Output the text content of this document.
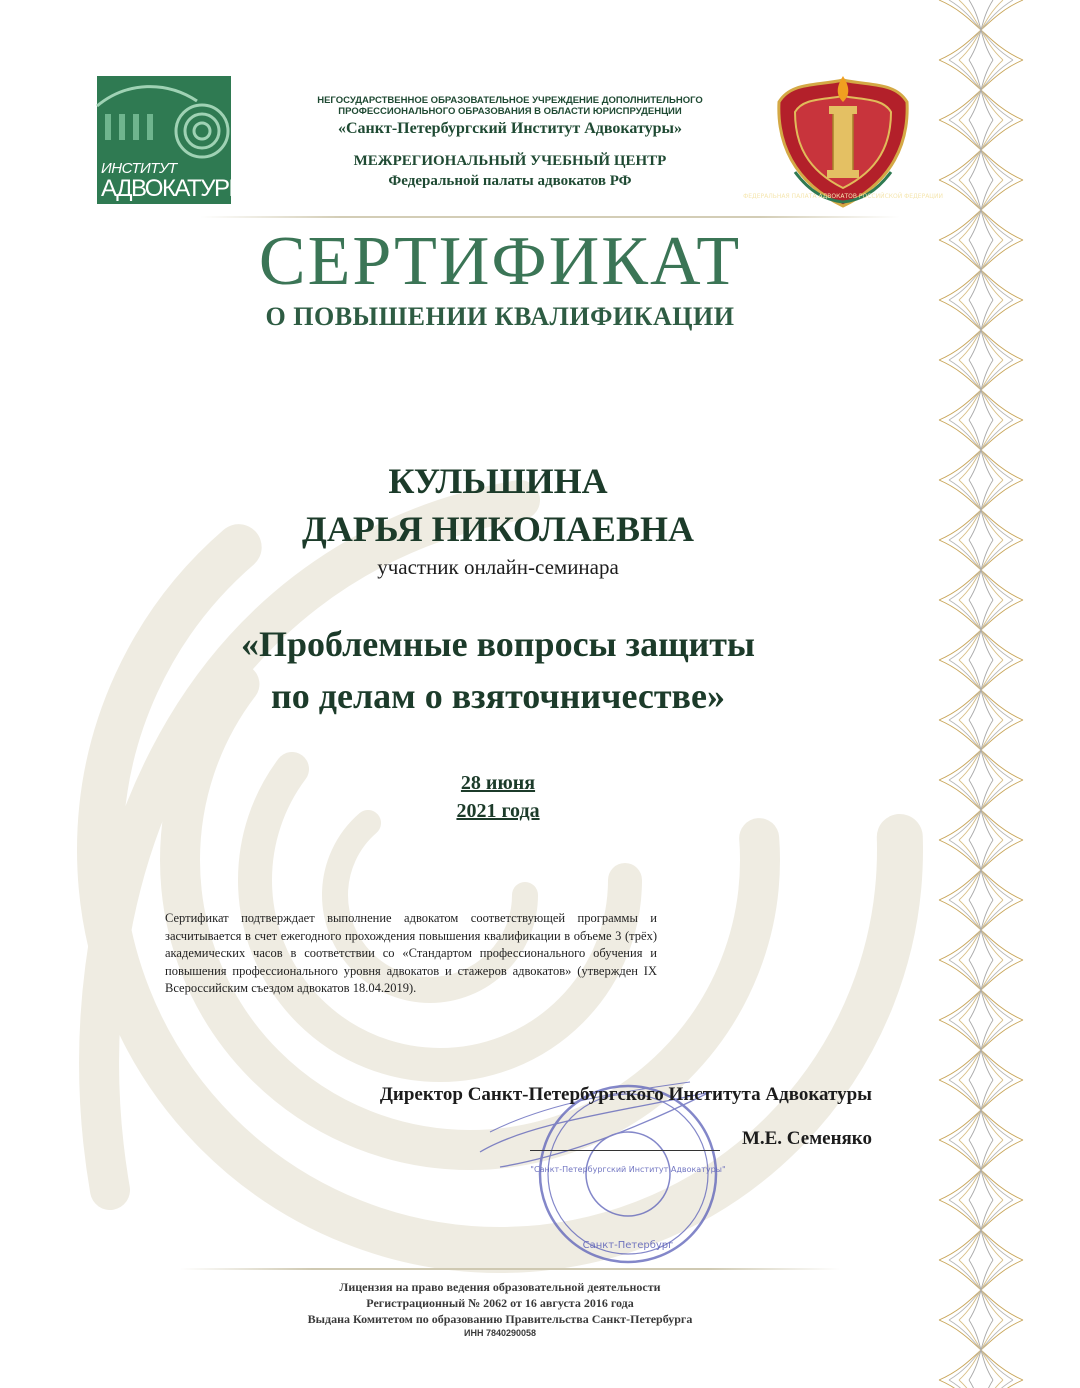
ИНСТИТУТ
АДВОКАТУРЫ
НЕГОСУДАРСТВЕННОЕ ОБРАЗОВАТЕЛЬНОЕ УЧРЕЖДЕНИЕ ДОПОЛНИТЕЛЬНОГО ПРОФЕССИОНАЛЬНОГО ОБРАЗОВАНИЯ В ОБЛАСТИ ЮРИСПРУДЕНЦИИ
«Санкт-Петербургский Институт Адвокатуры»
МЕЖРЕГИОНАЛЬНЫЙ УЧЕБНЫЙ ЦЕНТР
Федеральной палаты адвокатов РФ
ФЕДЕРАЛЬНАЯ ПАЛАТА АДВОКАТОВ РОССИЙСКОЙ ФЕДЕРАЦИИ
СЕРТИФИКАТ
О ПОВЫШЕНИИ КВАЛИФИКАЦИИ
КУЛЬШИНА
ДАРЬЯ НИКОЛАЕВНА
участник онлайн-семинара
«Проблемные вопросы защиты
по делам о взяточничестве»
28 июня
2021 года
Сертификат подтверждает выполнение адвокатом соответствующей программы и засчитывается в счет ежегодного прохождения повышения квалификации в объеме 3 (трёх) академических часов в соответствии со «Стандартом профессионального обучения и повышения профессионального уровня адвокатов и стажеров адвокатов» (утвержден IX Всероссийским съездом адвокатов 18.04.2019).
"Санкт-Петербургский Институт Адвокатуры"
Санкт-Петербург
Директор Санкт-Петербургского Института Адвокатуры
М.Е. Семеняко
Лицензия на право ведения образовательной деятельности
Регистрационный № 2062 от 16 августа 2016 года
Выдана Комитетом по образованию Правительства Санкт-Петербурга
ИНН 7840290058
